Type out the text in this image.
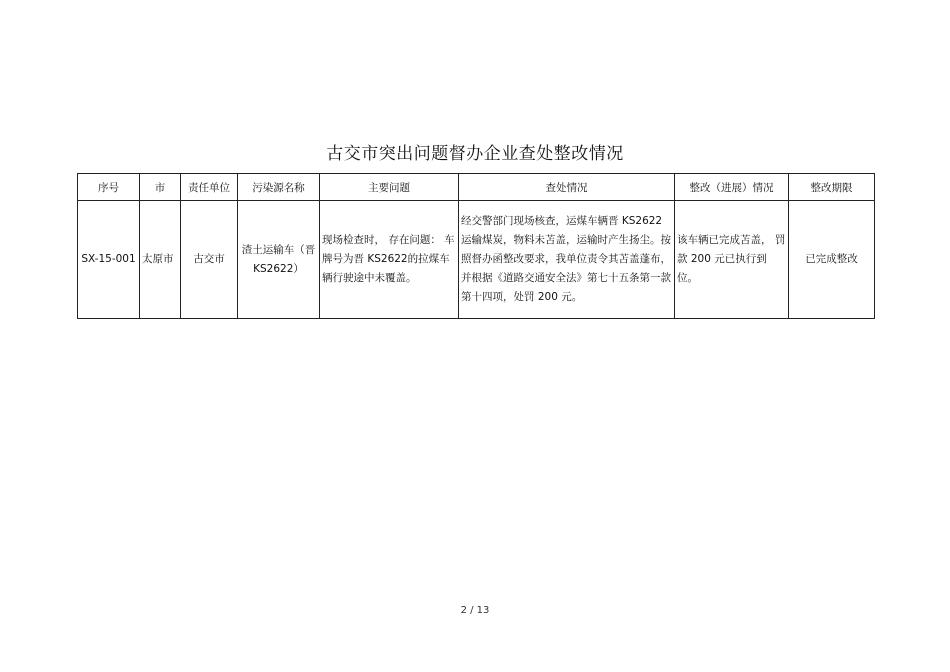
古交市突出问题督办企业查处整改情况
序号	市	责任单位	污染源名称	主要问题	查处情况	整改（进展）情况	整改期限
SX-15-001	太原市	古交市	渣土运输车（晋 KS2622）	现场检查时， 存在问题： 车牌号为晋 KS2622的拉煤车辆行驶途中未覆盖。	经交警部门现场核查，运煤车辆晋 KS2622运输煤炭，物料未苫盖，运输时产生扬尘。按照督办函整改要求，我单位责令其苫盖蓬布，并根据《道路交通安全法》第七十五条第一款第十四项，处罚 200 元。	该车辆已完成苫盖， 罚款 200 元已执行到位。	已完成整改
2 / 13
